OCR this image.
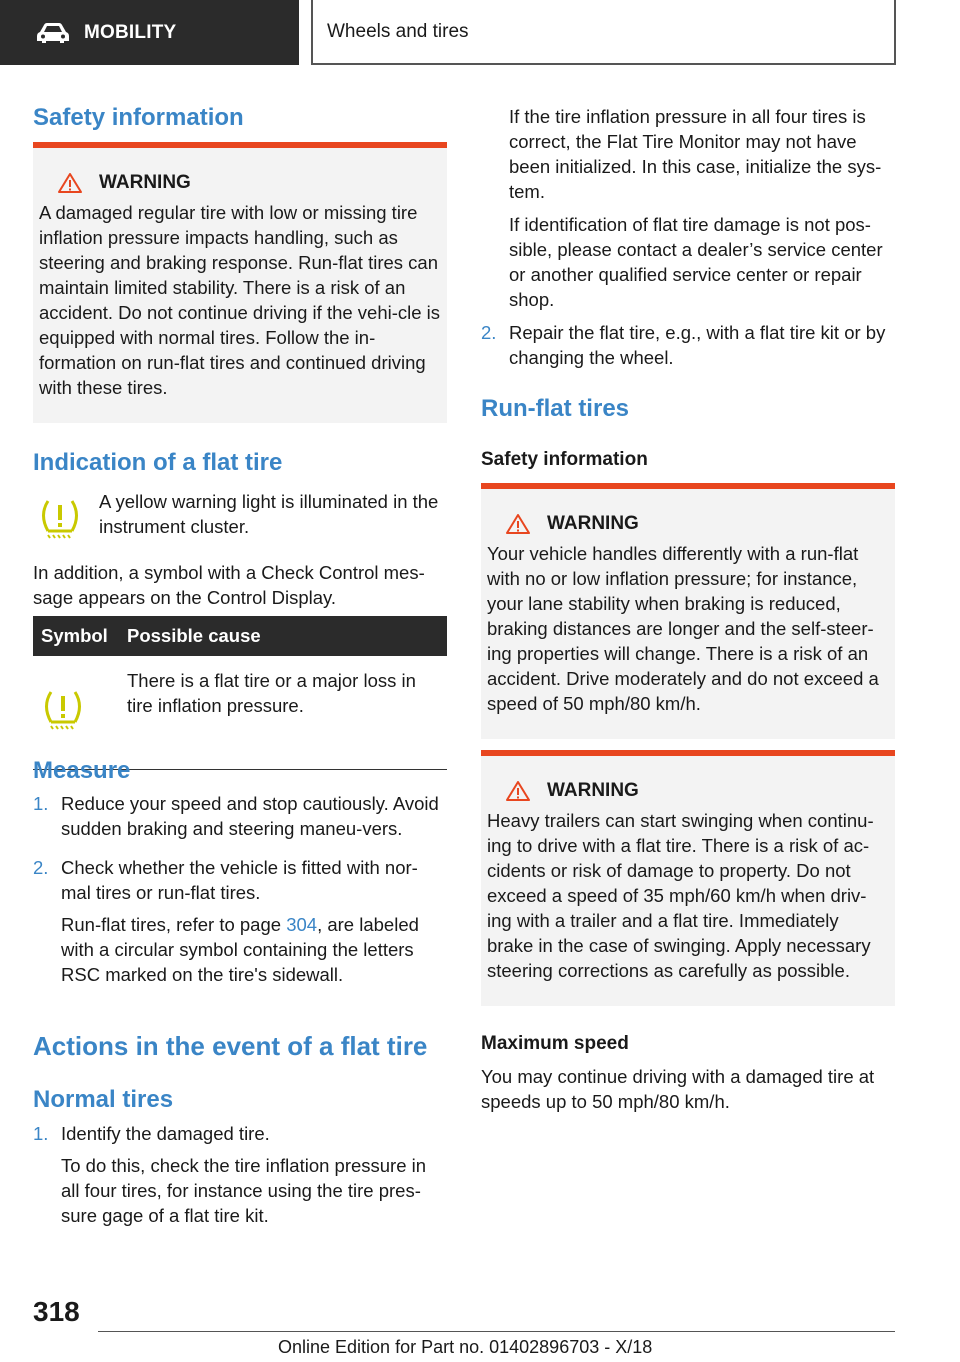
MOBILITY	Wheels and tires
Safety information
WARNING
A damaged regular tire with low or missing tire inflation pressure impacts handling, such as steering and braking response. Run-flat tires can maintain limited stability. There is a risk of an accident. Do not continue driving if the vehi-cle is equipped with normal tires. Follow the in-formation on run-flat tires and continued driving with these tires.
Indication of a flat tire
A yellow warning light is illuminated in the instrument cluster.
In addition, a symbol with a Check Control mes-sage appears on the Control Display.
Symbol	Possible cause
There is a flat tire or a major loss in tire inflation pressure.
Measure
1. Reduce your speed and stop cautiously. Avoid sudden braking and steering maneu-vers.

2. Check whether the vehicle is fitted with nor-mal tires or run-flat tires.

Run-flat tires, refer to page 304, are labeled with a circular symbol containing the letters RSC marked on the tire's sidewall.

Actions in the event of a flat tire
Normal tires
1. Identify the damaged tire.

To do this, check the tire inflation pressure in all four tires, for instance using the tire pres-sure gage of a flat tire kit.

If the tire inflation pressure in all four tires is correct, the Flat Tire Monitor may not have been initialized. In this case, initialize the sys-tem.
If identification of flat tire damage is not pos-sible, please contact a dealer’s service center or another qualified service center or repair shop.
2. Repair the flat tire, e.g., with a flat tire kit or by changing the wheel.

Run-flat tires
Safety information
WARNING
Your vehicle handles differently with a run-flat with no or low inflation pressure; for instance, your lane stability when braking is reduced, braking distances are longer and the self-steer-ing properties will change. There is a risk of an accident. Drive moderately and do not exceed a speed of 50 mph/80 km/h.
WARNING
Heavy trailers can start swinging when continu-ing to drive with a flat tire. There is a risk of ac-cidents or risk of damage to property. Do not exceed a speed of 35 mph/60 km/h when driv-ing with a trailer and a flat tire. Immediately brake in the case of swinging. Apply necessary steering corrections as carefully as possible.
Maximum speed
You may continue driving with a damaged tire at speeds up to 50 mph/80 km/h.
318
Online Edition for Part no. 01402896703 - X/18
